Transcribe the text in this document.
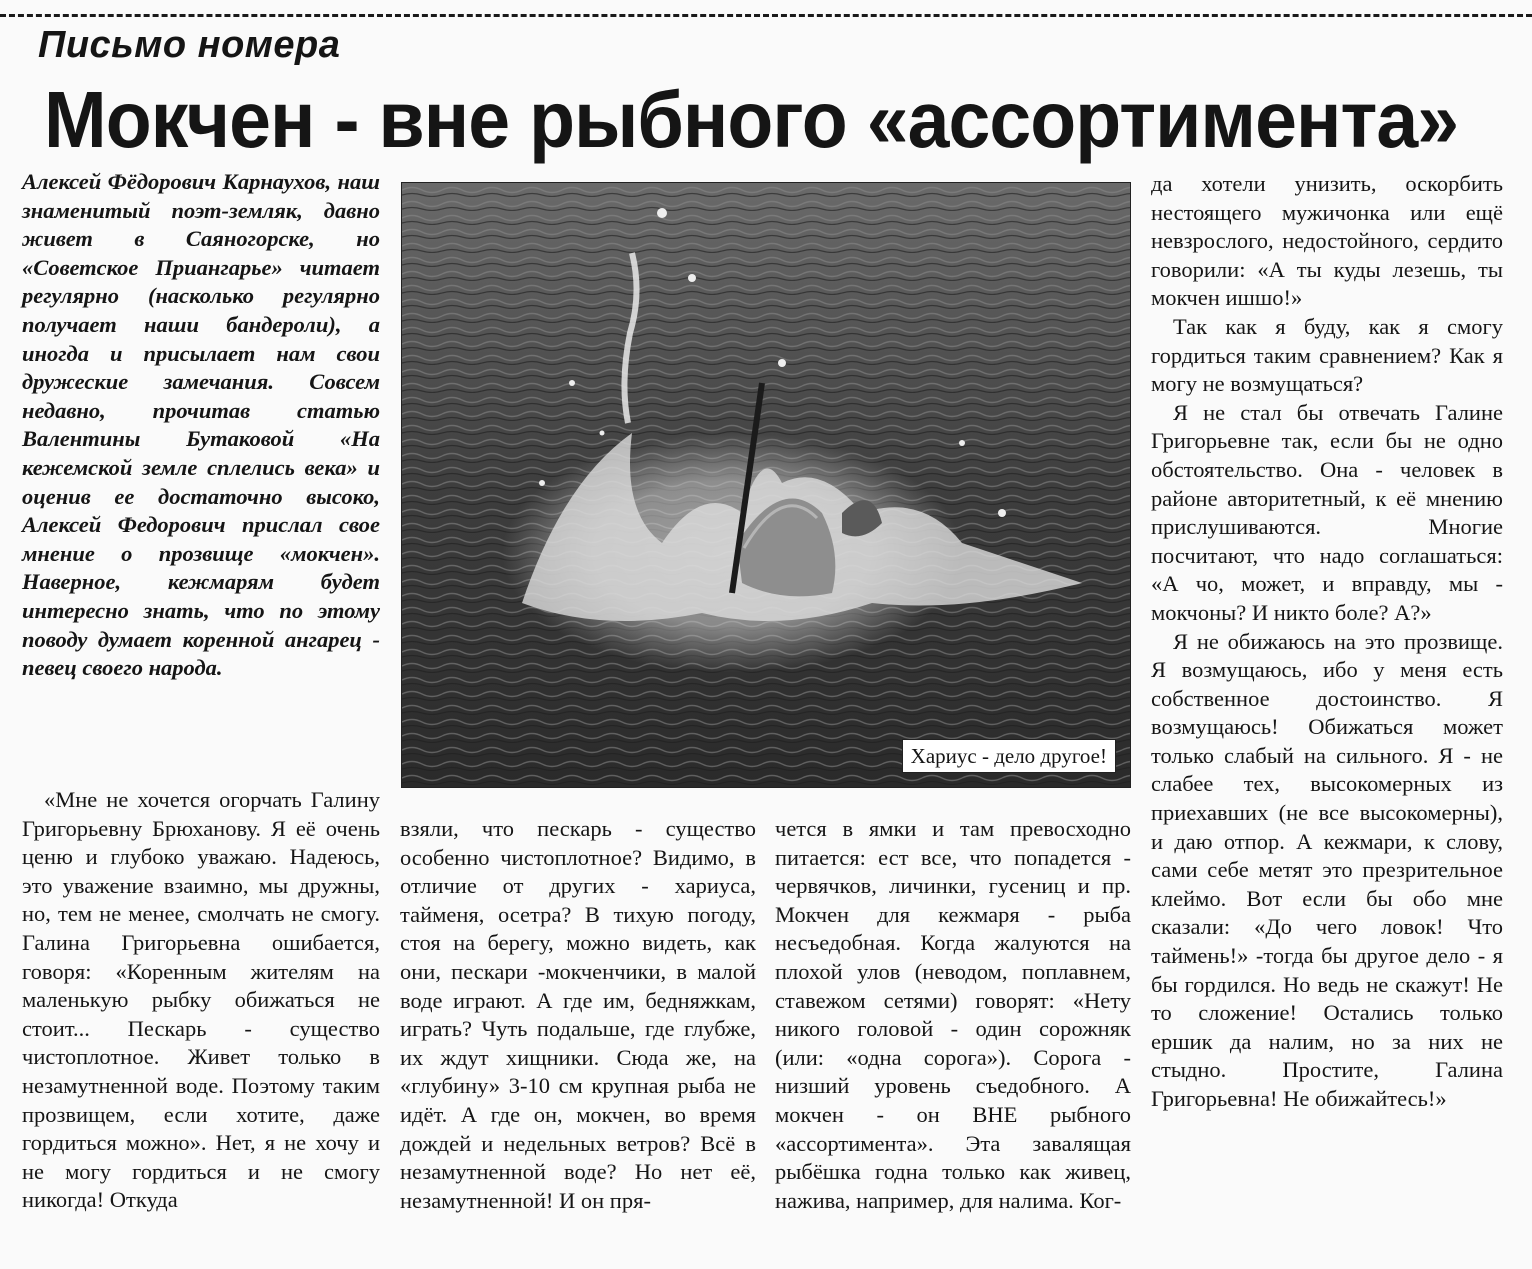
Письмо номера
Мокчен - вне рыбного «ассортимента»

Алексей Фёдорович Карнаухов, наш знаменитый поэт-земляк, давно живет в Саяногорске, но «Советское Приангарье» читает регулярно (насколько регулярно получает наши бандероли), а иногда и присылает нам свои дружеские замечания. Совсем недавно, прочитав статью Валентины Бутаковой «На кежемской земле сплелись века» и оценив ее достаточно высоко, Алексей Федорович прислал свое мнение о прозвище «мокчен». Наверное, кежмарям будет интересно знать, что по этому поводу думает коренной ангарец - певец своего народа.

Хариус - дело другое!

«Мне не хочется огорчать Галину Григорьевну Брюханову. Я её очень ценю и глубоко уважаю. Надеюсь, это уважение взаимно, мы дружны, но, тем не менее, смолчать не смогу. Галина Григорьевна ошибается, говоря: «Коренным жителям на маленькую рыбку обижаться не стоит... Пескарь - существо чистоплотное. Живет только в незамутненной воде. Поэтому таким прозвищем, если хотите, даже гордиться можно». Нет, я не хочу и не могу гордиться и не смогу никогда! Откуда

взяли, что пескарь - существо особенно чистоплотное? Видимо, в отличие от других - хариуса, тайменя, осетра? В тихую погоду, стоя на берегу, можно видеть, как они, пескари -мокченчики, в малой воде играют. А где им, бедняжкам, играть? Чуть подальше, где глубже, их ждут хищники. Сюда же, на «глубину» 3-10 см крупная рыба не идёт. А где он, мокчен, во время дождей и недельных ветров? Всё в незамутненной воде? Но нет её, незамутненной! И он пря-

чется в ямки и там превосходно питается: ест все, что попадется - червячков, личинки, гусениц и пр. Мокчен для кежмаря - рыба несъедобная. Когда жалуются на плохой улов (неводом, поплавнем, ставежом сетями) говорят: «Нету никого головой - один сорожняк (или: «одна сорога»). Сорога - низший уровень съедобного. А мокчен - он ВНЕ рыбного «ассортимента». Эта завалящая рыбёшка годна только как живец, нажива, например, для налима. Ког-

да хотели унизить, оскорбить нестоящего мужичонка или ещё невзрослого, недостойного, сердито говорили: «А ты куды лезешь, ты мокчен ишшо!»

Так как я буду, как я смогу гордиться таким сравнением? Как я могу не возмущаться?

Я не стал бы отвечать Галине Григорьевне так, если бы не одно обстоятельство. Она - человек в районе авторитетный, к её мнению прислушиваются. Многие посчитают, что надо соглашаться: «А чо, может, и вправду, мы - мокчоны? И никто боле? А?»

Я не обижаюсь на это прозвище. Я возмущаюсь, ибо у меня есть собственное достоинство. Я возмущаюсь! Обижаться может только слабый на сильного. Я - не слабее тех, высокомерных из приехавших (не все высокомерны), и даю отпор. А кежмари, к слову, сами себе метят это презрительное клеймо. Вот если бы обо мне сказали: «До чего ловок! Что таймень!» -тогда бы другое дело - я бы гордился. Но ведь не скажут! Не то сложение! Остались только ершик да налим, но за них не стыдно. Простите, Галина Григорьевна! Не обижайтесь!»
